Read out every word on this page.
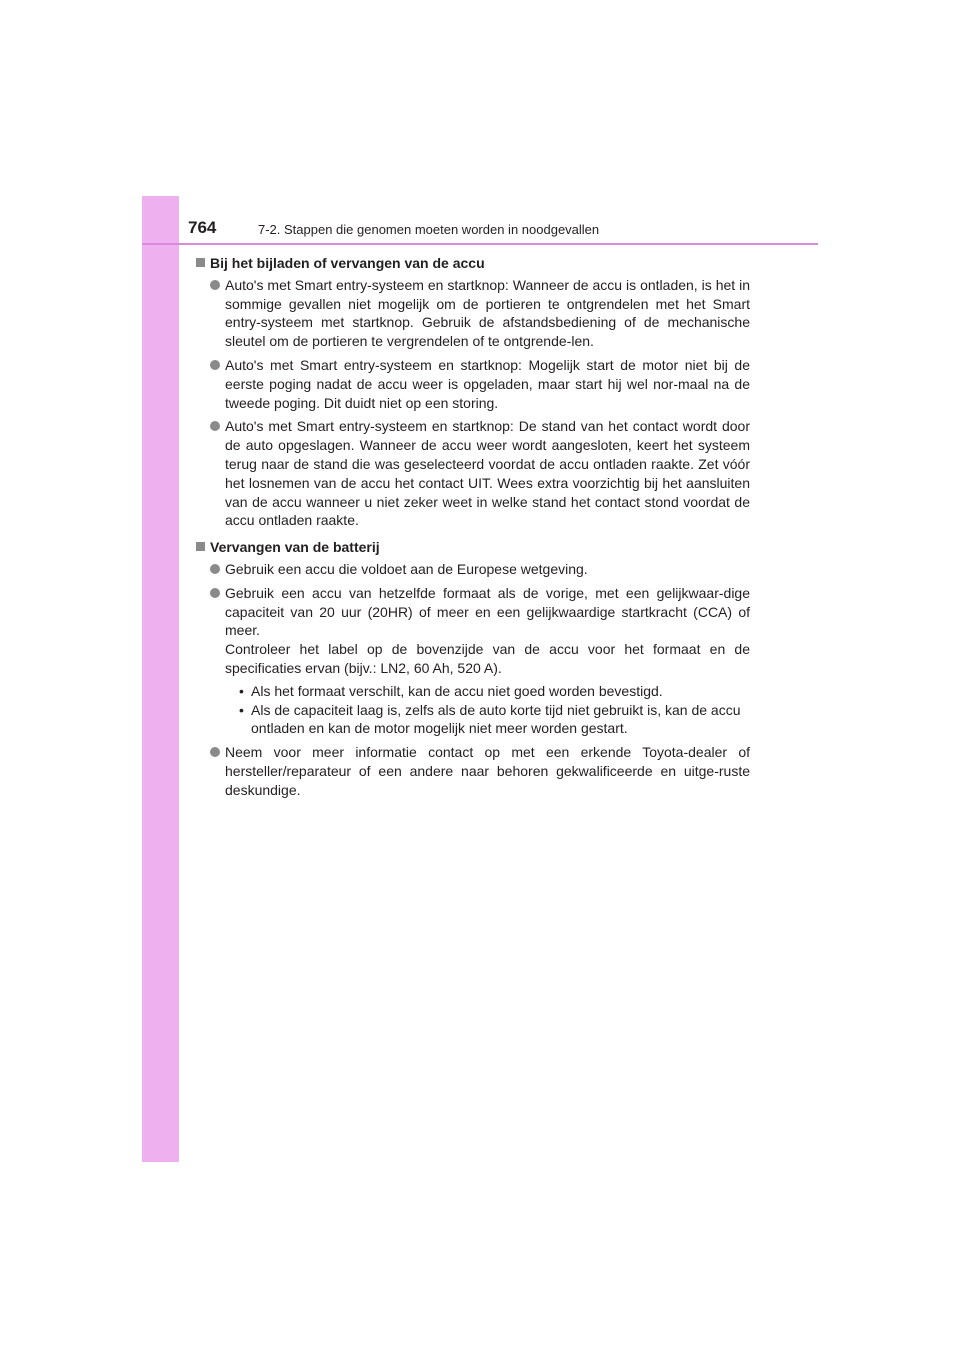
764	7-2. Stappen die genomen moeten worden in noodgevallen
Bij het bijladen of vervangen van de accu
Auto's met Smart entry-systeem en startknop: Wanneer de accu is ontladen, is het in sommige gevallen niet mogelijk om de portieren te ontgrendelen met het Smart entry-systeem met startknop. Gebruik de afstandsbediening of de mechanische sleutel om de portieren te vergrendelen of te ontgrende-len.
Auto's met Smart entry-systeem en startknop: Mogelijk start de motor niet bij de eerste poging nadat de accu weer is opgeladen, maar start hij wel nor-maal na de tweede poging. Dit duidt niet op een storing.
Auto's met Smart entry-systeem en startknop: De stand van het contact wordt door de auto opgeslagen. Wanneer de accu weer wordt aangesloten, keert het systeem terug naar de stand die was geselecteerd voordat de accu ontladen raakte. Zet vóór het losnemen van de accu het contact UIT. Wees extra voorzichtig bij het aansluiten van de accu wanneer u niet zeker weet in welke stand het contact stond voordat de accu ontladen raakte.
Vervangen van de batterij
Gebruik een accu die voldoet aan de Europese wetgeving.
Gebruik een accu van hetzelfde formaat als de vorige, met een gelijkwaar-dige capaciteit van 20 uur (20HR) of meer en een gelijkwaardige startkracht (CCA) of meer.
Controleer het label op de bovenzijde van de accu voor het formaat en de specificaties ervan (bijv.: LN2, 60 Ah, 520 A).
• Als het formaat verschilt, kan de accu niet goed worden bevestigd.
• Als de capaciteit laag is, zelfs als de auto korte tijd niet gebruikt is, kan de accu ontladen en kan de motor mogelijk niet meer worden gestart.
Neem voor meer informatie contact op met een erkende Toyota-dealer of hersteller/reparateur of een andere naar behoren gekwalificeerde en uitge-ruste deskundige.
